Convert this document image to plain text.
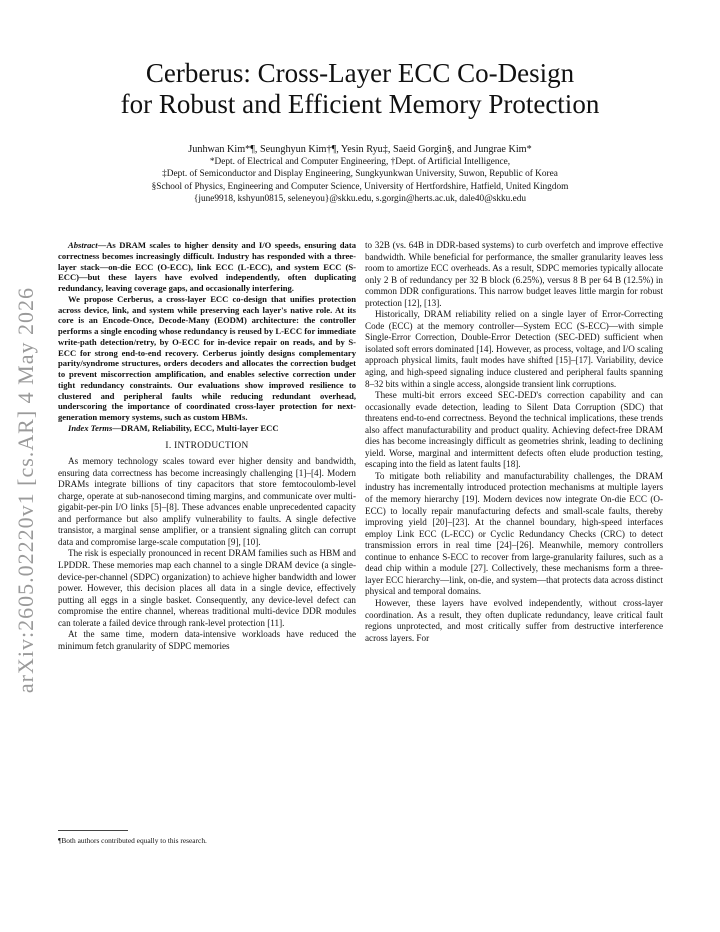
arXiv:2605.02220v1 [cs.AR] 4 May 2026
Cerberus: Cross-Layer ECC Co-Design
for Robust and Efficient Memory Protection
Junhwan Kim*¶, Seunghyun Kim†¶, Yesin Ryu‡, Saeid Gorgin§, and Jungrae Kim*
*Dept. of Electrical and Computer Engineering, †Dept. of Artificial Intelligence,
‡Dept. of Semiconductor and Display Engineering, Sungkyunkwan University, Suwon, Republic of Korea
§School of Physics, Engineering and Computer Science, University of Hertfordshire, Hatfield, United Kingdom
{june9918, kshyun0815, seleneyou}@skku.edu, s.gorgin@herts.ac.uk, dale40@skku.edu

Abstract—As DRAM scales to higher density and I/O speeds, ensuring data correctness becomes increasingly difficult. Industry has responded with a three-layer stack—on-die ECC (O-ECC), link ECC (L-ECC), and system ECC (S-ECC)—but these layers have evolved independently, often duplicating redundancy, leaving coverage gaps, and occasionally interfering.

We propose Cerberus, a cross-layer ECC co-design that unifies protection across device, link, and system while preserving each layer's native role. At its core is an Encode-Once, Decode-Many (EODM) architecture: the controller performs a single encoding whose redundancy is reused by L-ECC for immediate write-path detection/retry, by O-ECC for in-device repair on reads, and by S-ECC for strong end-to-end recovery. Cerberus jointly designs complementary parity/syndrome structures, orders decoders and allocates the correction budget to prevent miscorrection amplification, and enables selective correction under tight redundancy constraints. Our evaluations show improved resilience to clustered and peripheral faults while reducing redundant overhead, underscoring the importance of coordinated cross-layer protection for next-generation memory systems, such as custom HBMs.

Index Terms—DRAM, Reliability, ECC, Multi-layer ECC

I. INTRODUCTION

As memory technology scales toward ever higher density and bandwidth, ensuring data correctness has become increasingly challenging [1]–[4]. Modern DRAMs integrate billions of tiny capacitors that store femtocoulomb-level charge, operate at sub-nanosecond timing margins, and communicate over multi-gigabit-per-pin I/O links [5]–[8]. These advances enable unprecedented capacity and performance but also amplify vulnerability to faults. A single defective transistor, a marginal sense amplifier, or a transient signaling glitch can corrupt data and compromise large-scale computation [9], [10].

The risk is especially pronounced in recent DRAM families such as HBM and LPDDR. These memories map each channel to a single DRAM device (a single-device-per-channel (SDPC) organization) to achieve higher bandwidth and lower power. However, this decision places all data in a single device, effectively putting all eggs in a single basket. Consequently, any device-level defect can compromise the entire channel, whereas traditional multi-device DDR modules can tolerate a failed device through rank-level protection [11].

At the same time, modern data-intensive workloads have reduced the minimum fetch granularity of SDPC memories

to 32B (vs. 64B in DDR-based systems) to curb overfetch and improve effective bandwidth. While beneficial for performance, the smaller granularity leaves less room to amortize ECC overheads. As a result, SDPC memories typically allocate only 2 B of redundancy per 32 B block (6.25%), versus 8 B per 64 B (12.5%) in common DDR configurations. This narrow budget leaves little margin for robust protection [12], [13].

Historically, DRAM reliability relied on a single layer of Error-Correcting Code (ECC) at the memory controller—System ECC (S-ECC)—with simple Single-Error Correction, Double-Error Detection (SEC-DED) sufficient when isolated soft errors dominated [14]. However, as process, voltage, and I/O scaling approach physical limits, fault modes have shifted [15]–[17]. Variability, device aging, and high-speed signaling induce clustered and peripheral faults spanning 8–32 bits within a single access, alongside transient link corruptions.

These multi-bit errors exceed SEC-DED's correction capability and can occasionally evade detection, leading to Silent Data Corruption (SDC) that threatens end-to-end correctness. Beyond the technical implications, these trends also affect manufacturability and product quality. Achieving defect-free DRAM dies has become increasingly difficult as geometries shrink, leading to declining yield. Worse, marginal and intermittent defects often elude production testing, escaping into the field as latent faults [18].

To mitigate both reliability and manufacturability challenges, the DRAM industry has incrementally introduced protection mechanisms at multiple layers of the memory hierarchy [19]. Modern devices now integrate On-die ECC (O-ECC) to locally repair manufacturing defects and small-scale faults, thereby improving yield [20]–[23]. At the channel boundary, high-speed interfaces employ Link ECC (L-ECC) or Cyclic Redundancy Checks (CRC) to detect transmission errors in real time [24]–[26]. Meanwhile, memory controllers continue to enhance S-ECC to recover from large-granularity failures, such as a dead chip within a module [27]. Collectively, these mechanisms form a three-layer ECC hierarchy—link, on-die, and system—that protects data across distinct physical and temporal domains.

However, these layers have evolved independently, without cross-layer coordination. As a result, they often duplicate redundancy, leave critical fault regions unprotected, and most critically suffer from destructive interference across layers. For

¶Both authors contributed equally to this research.
